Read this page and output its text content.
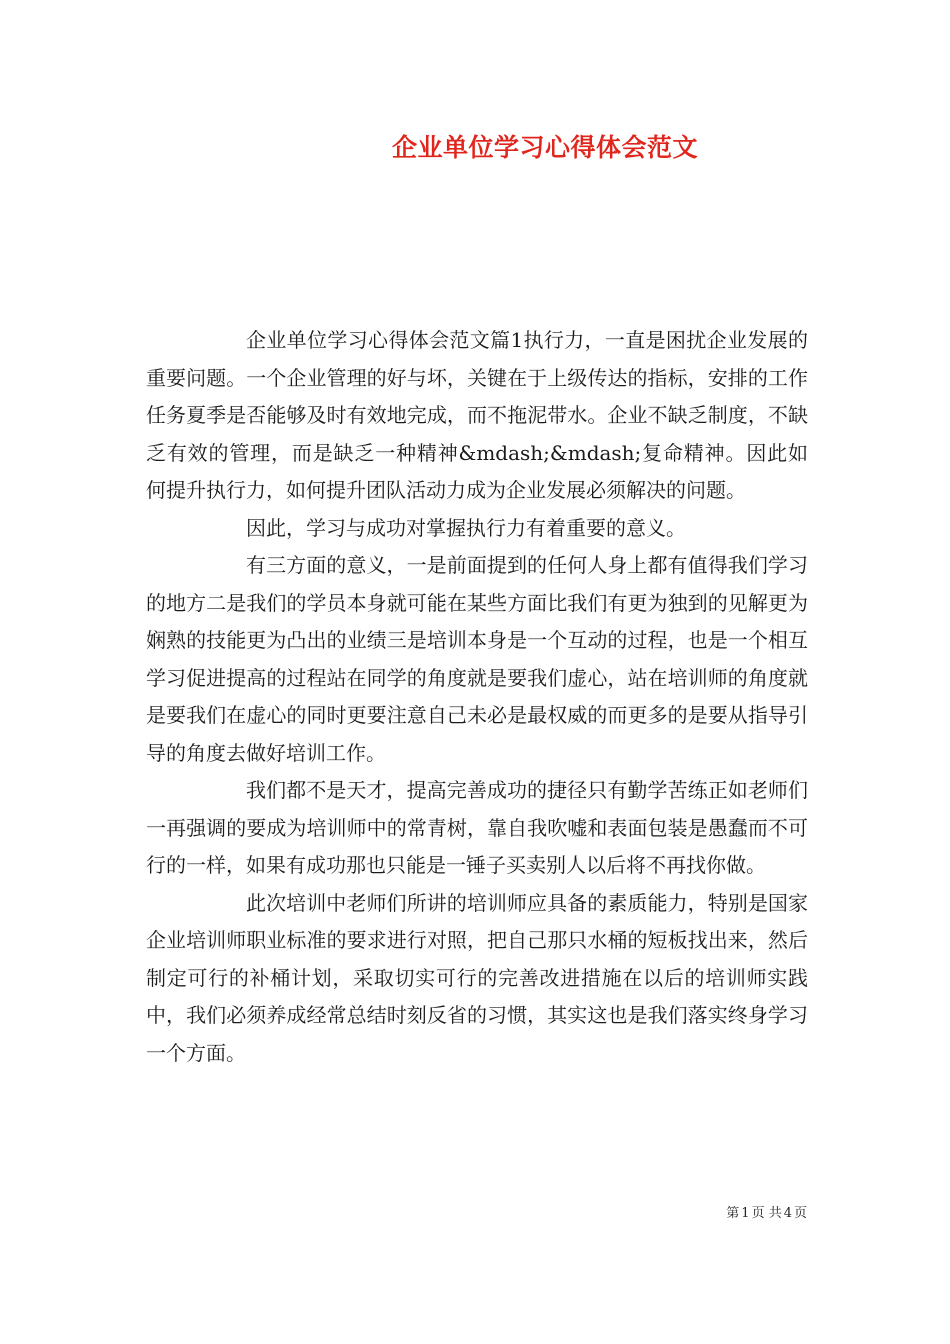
企业单位学习心得体会范文

企业单位学习心得体会范文篇1执行力，一直是困扰企业发展的重要问题。一个企业管理的好与坏，关键在于上级传达的指标，安排的工作任务夏季是否能够及时有效地完成，而不拖泥带水。企业不缺乏制度，不缺乏有效的管理，而是缺乏一种精神&mdash;&mdash;复命精神。因此如何提升执行力，如何提升团队活动力成为企业发展必须解决的问题。

因此，学习与成功对掌握执行力有着重要的意义。

有三方面的意义，一是前面提到的任何人身上都有值得我们学习的地方二是我们的学员本身就可能在某些方面比我们有更为独到的见解更为娴熟的技能更为凸出的业绩三是培训本身是一个互动的过程，也是一个相互学习促进提高的过程站在同学的角度就是要我们虚心，站在培训师的角度就是要我们在虚心的同时更要注意自己未必是最权威的而更多的是要从指导引导的角度去做好培训工作。

我们都不是天才，提高完善成功的捷径只有勤学苦练正如老师们一再强调的要成为培训师中的常青树，靠自我吹嘘和表面包装是愚蠢而不可行的一样，如果有成功那也只能是一锤子买卖别人以后将不再找你做。

此次培训中老师们所讲的培训师应具备的素质能力，特别是国家企业培训师职业标准的要求进行对照，把自己那只水桶的短板找出来，然后制定可行的补桶计划，采取切实可行的完善改进措施在以后的培训师实践中，我们必须养成经常总结时刻反省的习惯，其实这也是我们落实终身学习一个方面。

第 1 页 共 4 页
